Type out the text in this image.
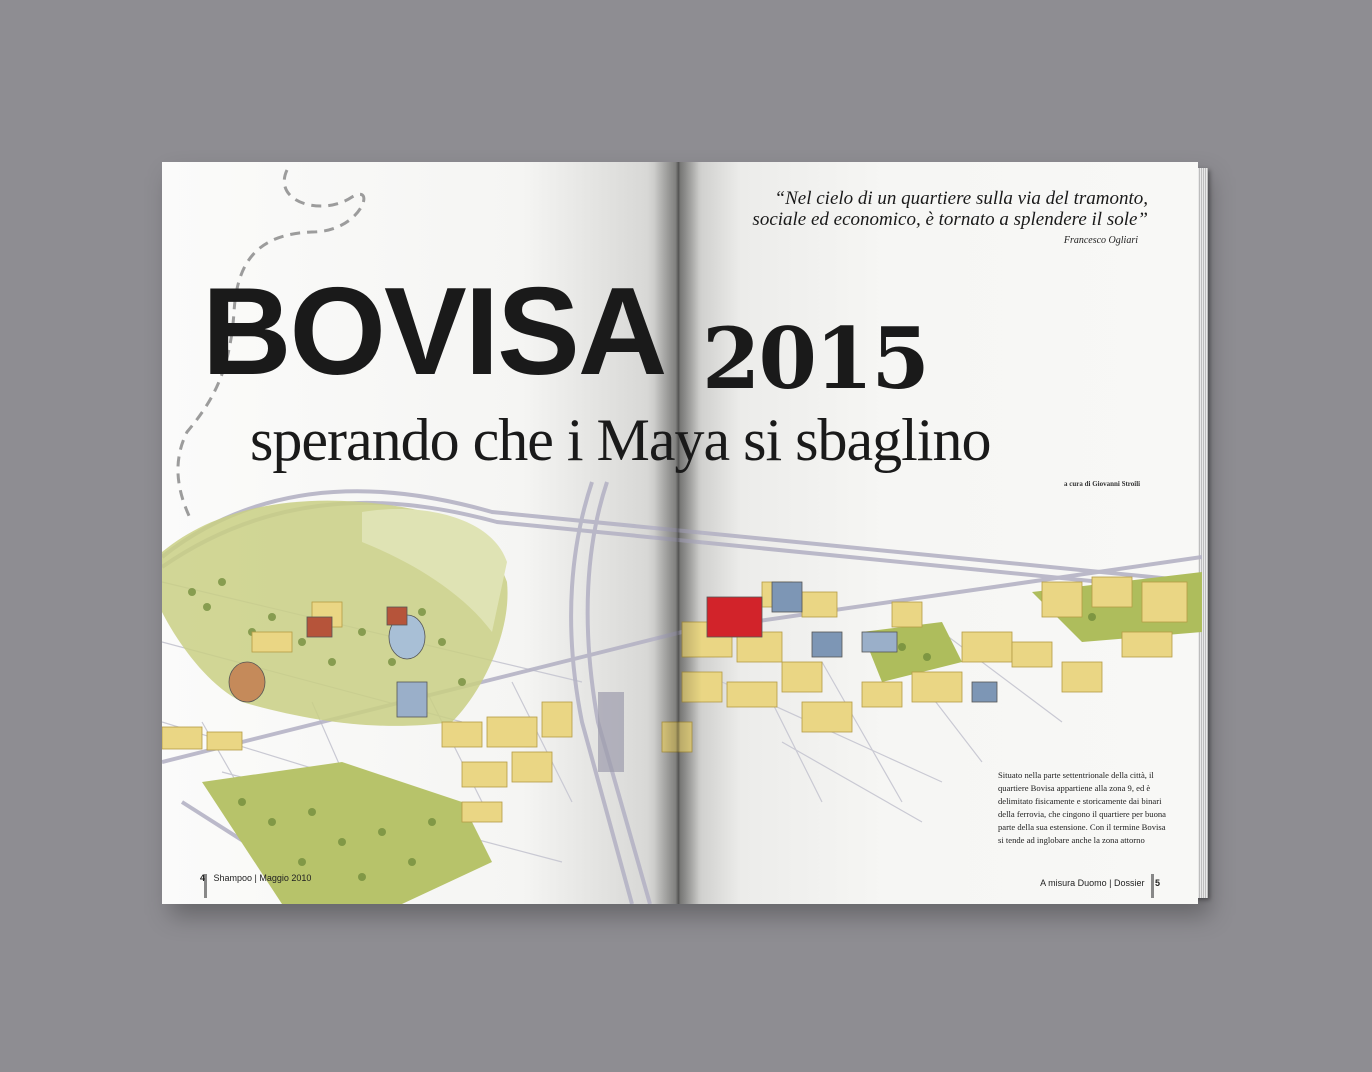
“Nel cielo di un quartiere sulla via del tramonto,
sociale ed economico, è tornato a splendere il sole”
Francesco Ogliari
BOVISA 2015
sperando che i Maya si sbaglino
a cura di Giovanni Stroili
Situato nella parte settentrionale della città, il quartiere Bovisa appartiene alla zona 9, ed è delimitato fisicamente e storicamente dai binari della ferrovia, che cingono il quartiere per buona parte della sua estensione. Con il termine Bovisa si tende ad inglobare anche la zona attorno
4 Shampoo | Maggio 2010	A misura Duomo | Dossier 5
